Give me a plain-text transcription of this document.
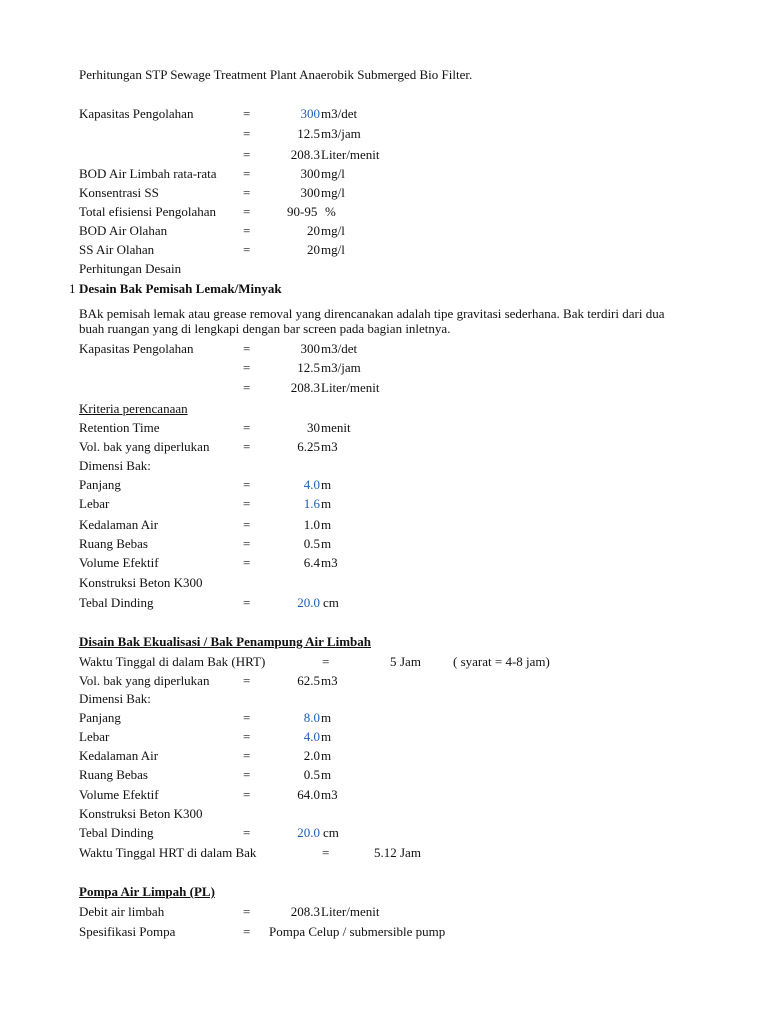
Perhitungan STP Sewage Treatment Plant Anaerobik Submerged Bio Filter.
Kapasitas Pengolahan	=	300 m3/det
=	12.5 m3/jam
=	208.3 Liter/menit
BOD Air Limbah rata-rata =	300 mg/l
Konsentrasi SS	=	300 mg/l
Total efisiensi Pengolahan =	90-95 %
BOD Air Olahan	=	20 mg/l
SS Air Olahan	=	20 mg/l
Perhitungan Desain
1 Desain Bak Pemisah Lemak/Minyak
BAk pemisah lemak atau grease removal yang direncanakan adalah tipe gravitasi sederhana. Bak terdiri dari dua buah ruangan yang di lengkapi dengan bar screen pada bagian inletnya.
Kapasitas Pengolahan	=	300 m3/det
=	12.5 m3/jam
=	208.3 Liter/menit
Kriteria perencanaan
Retention Time	=	30 menit
Vol. bak yang diperlukan	=	6.25 m3
Dimensi Bak:
Panjang	=	4.0 m
Lebar	=	1.6 m
Kedalaman Air	=	1.0 m
Ruang Bebas	=	0.5 m
Volume Efektif	=	6.4 m3
Konstruksi Beton K300
Tebal Dinding	=	20.0 cm
Disain Bak Ekualisasi / Bak Penampung Air Limbah
Waktu Tinggal di dalam Bak (HRT)	=	5 Jam ( syarat = 4-8 jam)
Vol. bak yang diperlukan	=	62.5 m3
Dimensi Bak:
Panjang	=	8.0 m
Lebar	=	4.0 m
Kedalaman Air	=	2.0 m
Ruang Bebas	=	0.5 m
Volume Efektif	=	64.0 m3
Konstruksi Beton K300
Tebal Dinding	=	20.0 cm
Waktu Tinggal HRT di dalam Bak	=	5.12 Jam
Pompa Air Limpah (PL)
Debit air limbah	=	208.3 Liter/menit
Spesifikasi Pompa	= Pompa Celup / submersible pump
